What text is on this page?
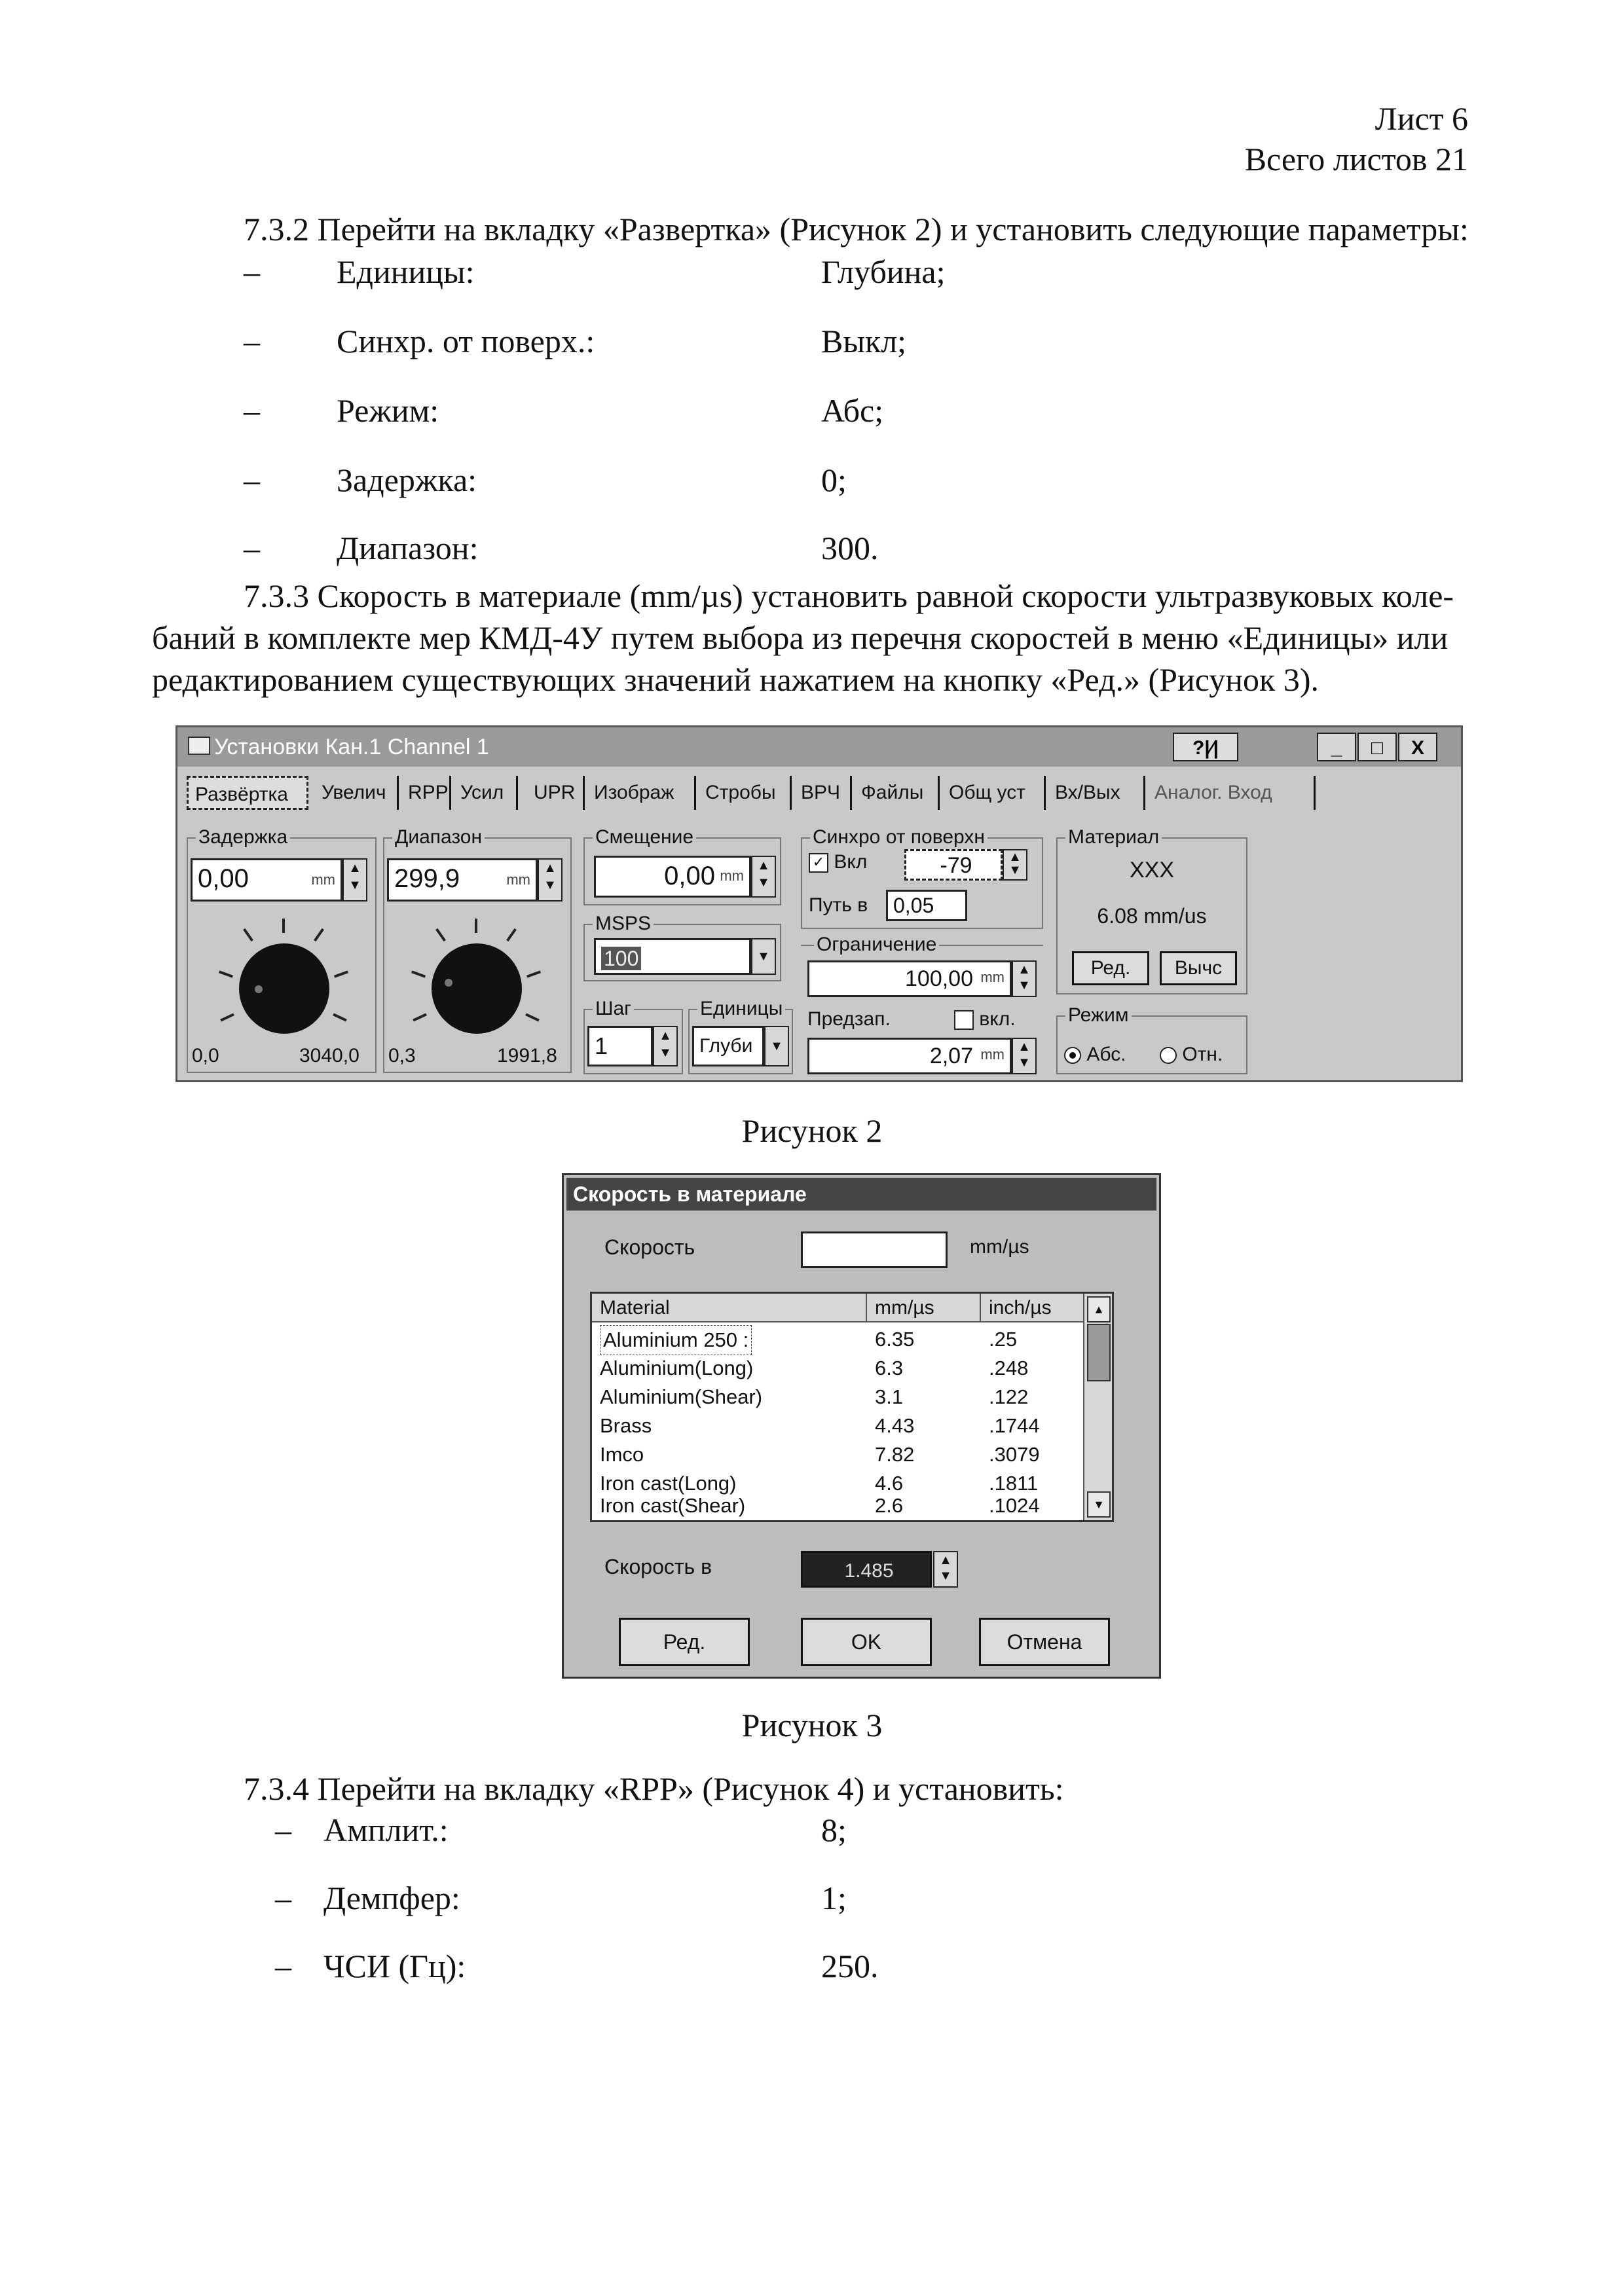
Лист 6
Всего листов 21
7.3.2 Перейти на вкладку «Развертка» (Рисунок 2) и установить следующие параметры:
– Единицы:	Глубина;
– Синхр. от поверх.:	Выкл;
– Режим:	Абс;
– Задержка:	0;
– Диапазон:	300.
7.3.3 Скорость в материале (mm/µs) установить равной скорости ультразвуковых коле-
баний в комплекте мер КМД-4У путем выбора из перечня скоростей в меню «Единицы» или
редактированием существующих значений нажатием на кнопку «Ред.» (Рисунок 3).
Установки Кан.1 Channel 1	?|⁄|	_	□	X
Развёртка	Увелич	RPP Усил	UPR Изображ	Стробы	ВРЧ	Файлы	Общ уст	Вх/Вых	Аналог. Вход
Задержка
0,00	mm
▲
▼
0,0	3040,0
Диапазон
299,9	mm
▲
▼
0,3	1991,8
Смещение
0,00 mm
▲
▼
MSPS
100	▼
Шаг
1	▲
▼
Единицы
Глуби	▼
Синхро от поверхн
✓ Вкл	-79	▲
▼
Путь в	0,05
Ограничение
100,00 mm	▲
▼
Предзап.	вкл.
2,07 mm	▲
▼
Материал
XXX
6.08 mm/us
Ред.	Вычс
Режим
Абс.	Отн.
Рисунок 2
Скорость в материале
Скорость	mm/µs
Material	mm/µs	inch/µs
Aluminium 250 :	6.35	.25
Aluminium(Long)	6.3	.248
Aluminium(Shear)	3.1	.122
Brass	4.43	.1744
Imco	7.82	.3079
Iron cast(Long)	4.6	.1811
Iron cast(Shear)	2.6	.1024
▲
▼
Скорость в	1.485	▲
▼
Ред.	OK	Отмена
Рисунок 3
7.3.4 Перейти на вкладку «RPP» (Рисунок 4) и установить:
– Амплит.:	8;
– Демпфер:	1;
– ЧСИ (Гц):	250.
